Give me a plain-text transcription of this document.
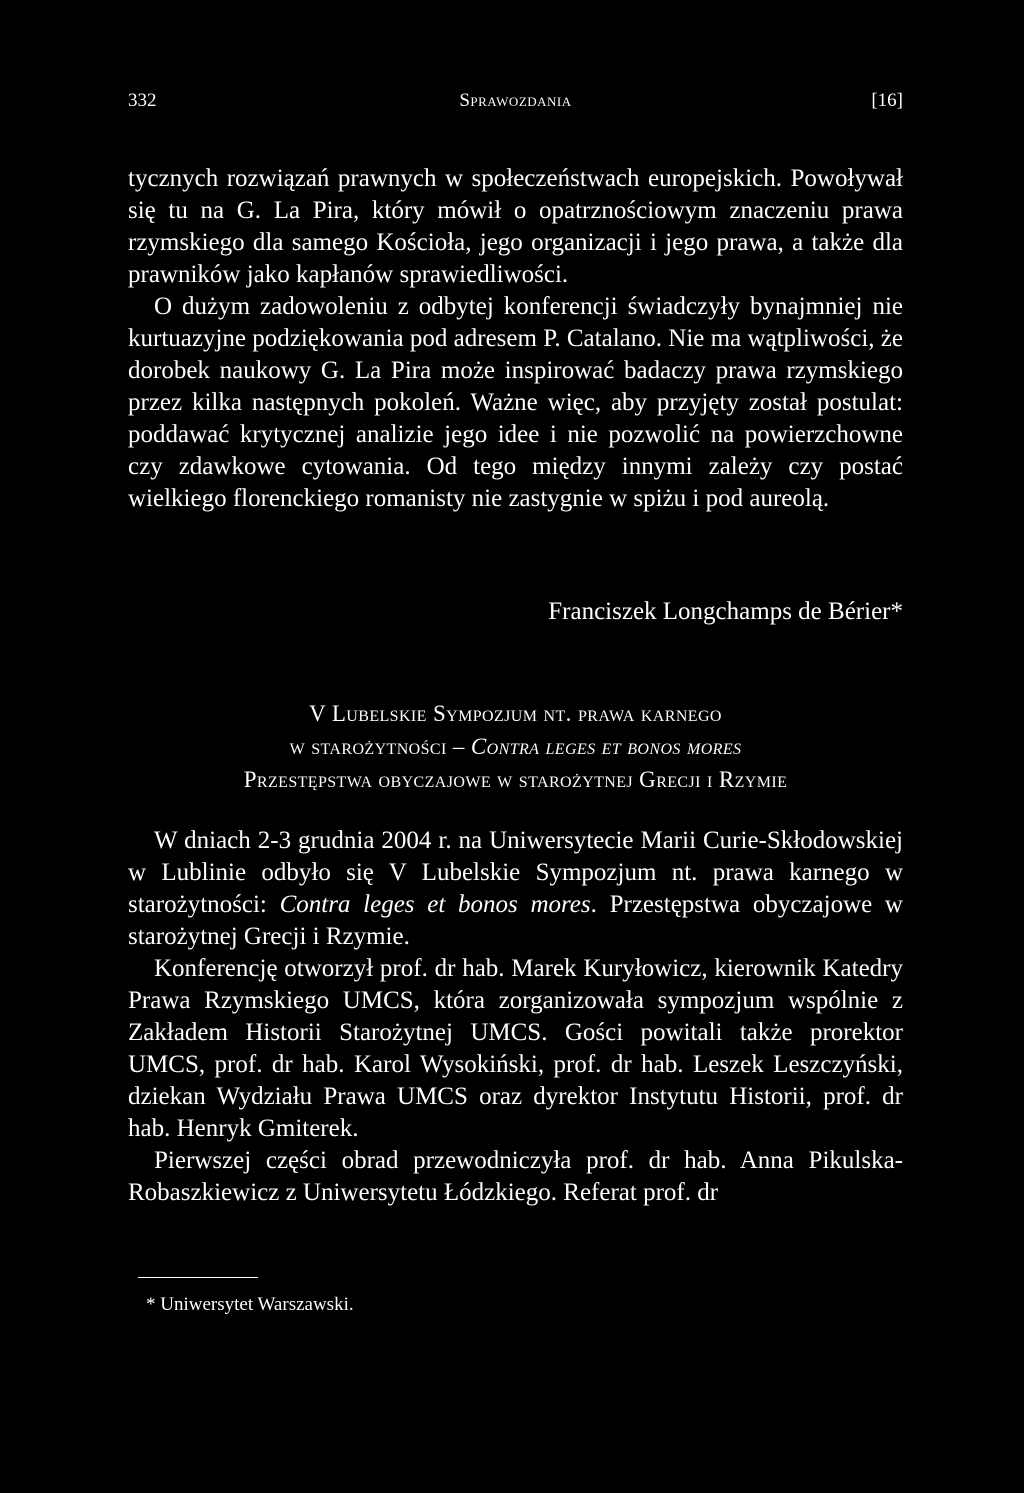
332	Sprawozdania	[16]

tycznych rozwiązań prawnych w społeczeństwach europejskich. Powoływał się tu na G. La Pira, który mówił o opatrznościowym znaczeniu prawa rzymskiego dla samego Kościoła, jego organizacji i jego prawa, a także dla prawników jako kapłanów sprawiedliwości.

O dużym zadowoleniu z odbytej konferencji świadczyły bynajmniej nie kurtuazyjne podziękowania pod adresem P. Catalano. Nie ma wątpliwości, że dorobek naukowy G. La Pira może inspirować badaczy prawa rzymskiego przez kilka następnych pokoleń. Ważne więc, aby przyjęty został postulat: poddawać krytycznej analizie jego idee i nie pozwolić na powierzchowne czy zdawkowe cytowania. Od tego między innymi zależy czy postać wielkiego florenckiego romanisty nie zastygnie w spiżu i pod aureolą.

Franciszek Longchamps de Bérier*
V Lubelskie Sympozjum nt. prawa karnego
w starożytności – Contra leges et bonos mores
Przestępstwa obyczajowe w starożytnej Grecji i Rzymie

W dniach 2-3 grudnia 2004 r. na Uniwersytecie Marii Curie-Skłodowskiej w Lublinie odbyło się V Lubelskie Sympozjum nt. prawa karnego w starożytności: Contra leges et bonos mores. Przestępstwa obyczajowe w starożytnej Grecji i Rzymie.

Konferencję otworzył prof. dr hab. Marek Kuryłowicz, kierownik Katedry Prawa Rzymskiego UMCS, która zorganizowała sympozjum wspólnie z Zakładem Historii Starożytnej UMCS. Gości powitali także prorektor UMCS, prof. dr hab. Karol Wysokiński, prof. dr hab. Leszek Leszczyński, dziekan Wydziału Prawa UMCS oraz dyrektor Instytutu Historii, prof. dr hab. Henryk Gmiterek.

Pierwszej części obrad przewodniczyła prof. dr hab. Anna Pikulska-Robaszkiewicz z Uniwersytetu Łódzkiego. Referat prof. dr

* Uniwersytet Warszawski.
